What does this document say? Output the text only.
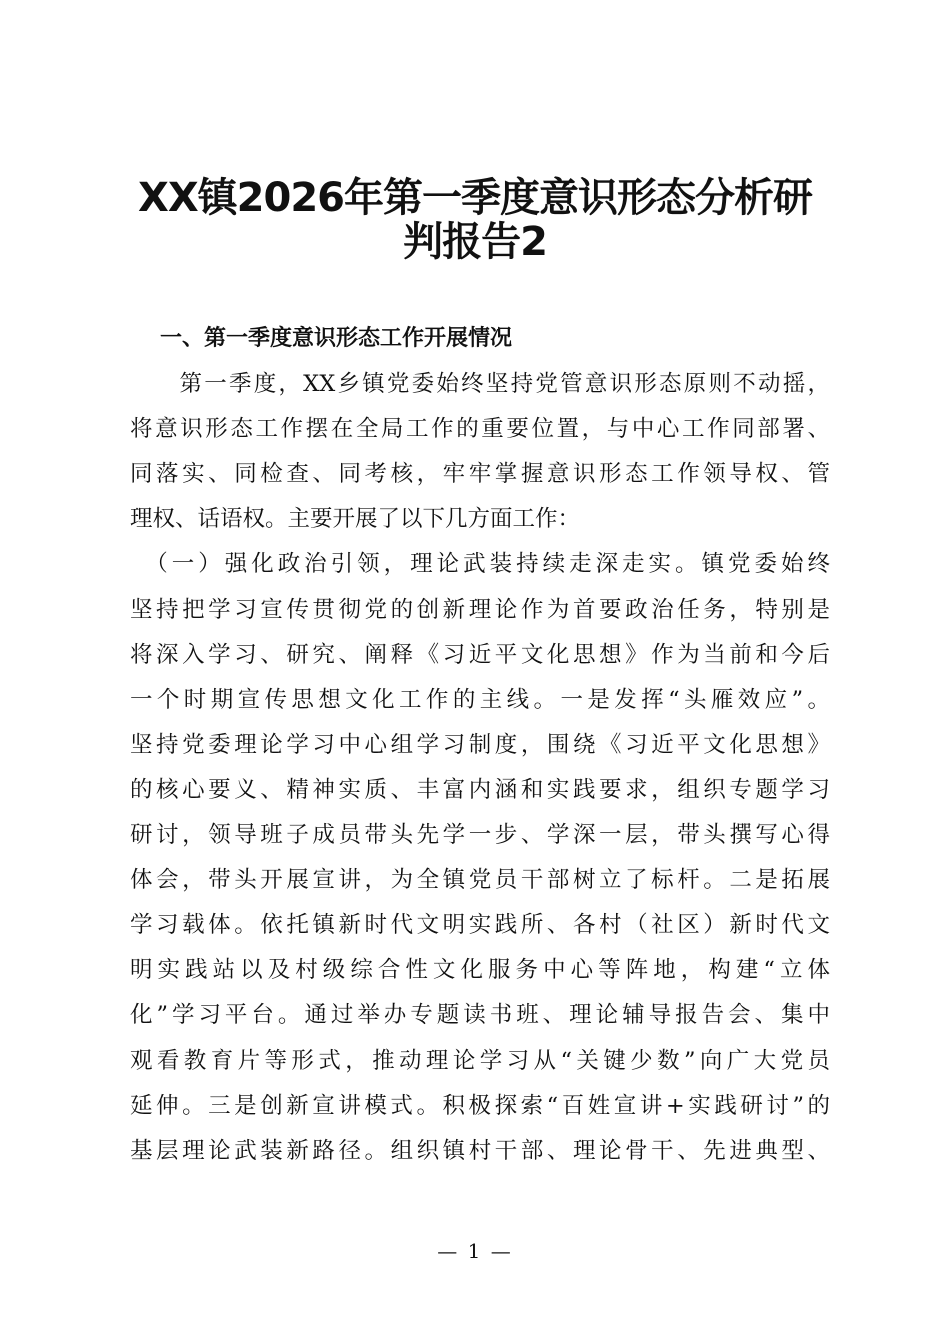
XX镇2026年第一季度意识形态分析研
判报告2
一、第一季度意识形态工作开展情况
　　第一季度，XX乡镇党委始终坚持党管意识形态原则不动摇，
将意识形态工作摆在全局工作的重要位置，与中心工作同部署、
同落实、同检查、同考核，牢牢掌握意识形态工作领导权、管
理权、话语权。主要开展了以下几方面工作：
　（一）强化政治引领，理论武装持续走深走实。镇党委始终
坚持把学习宣传贯彻党的创新理论作为首要政治任务，特别是
将深入学习、研究、阐释《习近平文化思想》作为当前和今后
一个时期宣传思想文化工作的主线。一是发挥“头雁效应”。
坚持党委理论学习中心组学习制度，围绕《习近平文化思想》
的核心要义、精神实质、丰富内涵和实践要求，组织专题学习
研讨，领导班子成员带头先学一步、学深一层，带头撰写心得
体会，带头开展宣讲，为全镇党员干部树立了标杆。二是拓展
学习载体。依托镇新时代文明实践所、各村（社区）新时代文
明实践站以及村级综合性文化服务中心等阵地，构建“立体
化”学习平台。通过举办专题读书班、理论辅导报告会、集中
观看教育片等形式，推动理论学习从“关键少数”向广大党员
延伸。三是创新宣讲模式。积极探索“百姓宣讲+实践研讨”的
基层理论武装新路径。组织镇村干部、理论骨干、先进典型、
— 1 —
